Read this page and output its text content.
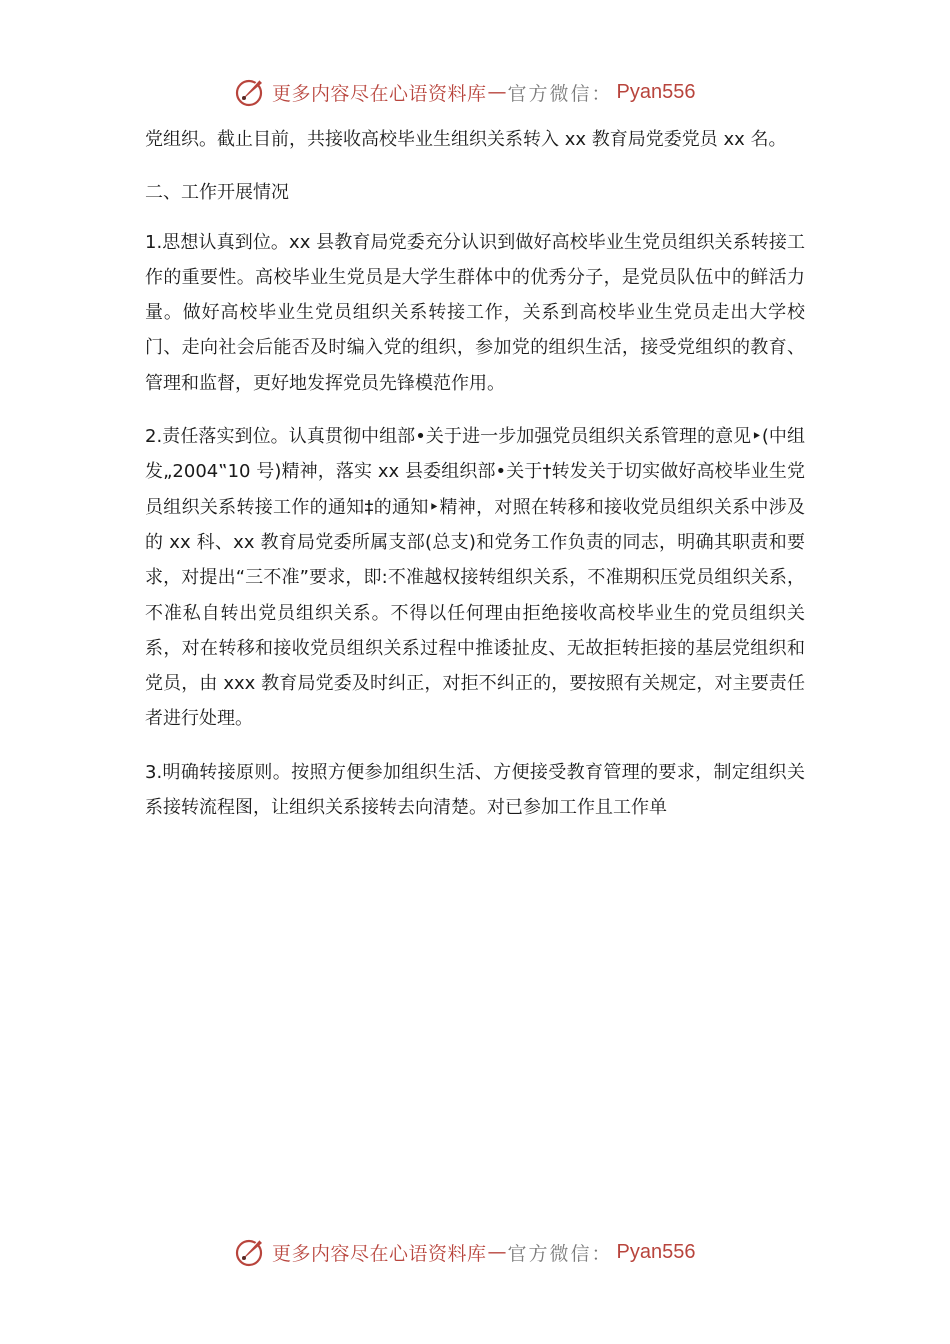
更多内容尽在心语资料库 — 官方微信： Pyan556

党组织。截止目前，共接收高校毕业生组织关系转入 xx 教育局党委党员 xx 名。

二、工作开展情况

1.思想认真到位。xx 县教育局党委充分认识到做好高校毕业生党员组织关系转接工作的重要性。高校毕业生党员是大学生群体中的优秀分子，是党员队伍中的鲜活力量。做好高校毕业生党员组织关系转接工作，关系到高校毕业生党员走出大学校门、走向社会后能否及时编入党的组织，参加党的组织生活，接受党组织的教育、管理和监督，更好地发挥党员先锋模范作用。

2.责任落实到位。认真贯彻中组部•关于进一步加强党员组织关系管理的意见‣(中组发„2004‟10 号)精神，落实 xx 县委组织部•关于†转发关于切实做好高校毕业生党员组织关系转接工作的通知‡的通知‣精神，对照在转移和接收党员组织关系中涉及的 xx 科、xx 教育局党委所属支部(总支)和党务工作负责的同志，明确其职责和要求，对提出“三不准”要求，即:不准越权接转组织关系，不准期积压党员组织关系，不准私自转出党员组织关系。不得以任何理由拒绝接收高校毕业生的党员组织关系，对在转移和接收党员组织关系过程中推诿扯皮、无故拒转拒接的基层党组织和党员，由 xxx 教育局党委及时纠正，对拒不纠正的，要按照有关规定，对主要责任者进行处理。

3.明确转接原则。按照方便参加组织生活、方便接受教育管理的要求，制定组织关系接转流程图，让组织关系接转去向清楚。对已参加工作且工作单

更多内容尽在心语资料库 — 官方微信： Pyan556
